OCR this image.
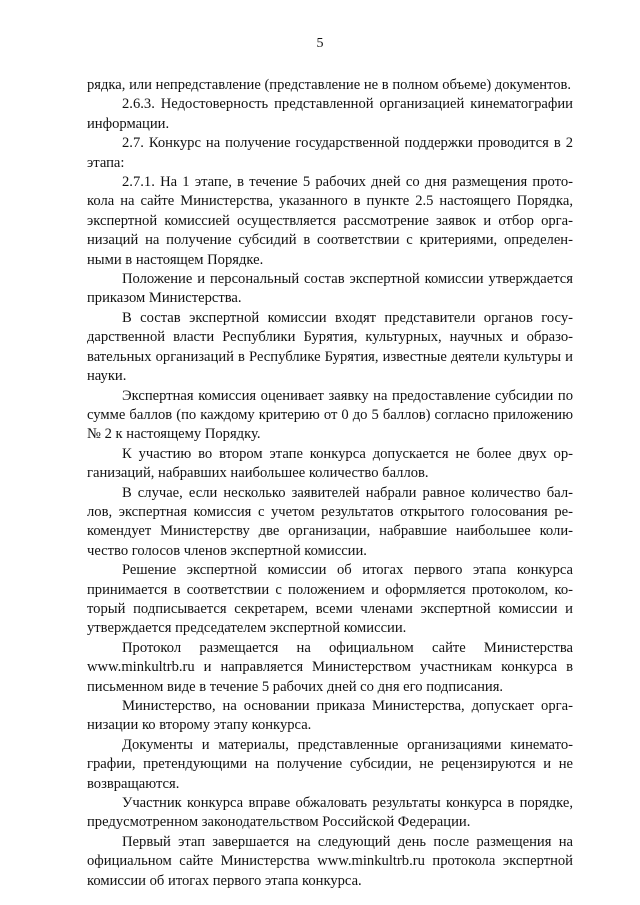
5

рядка, или непредставление (представление не в полном объеме) документов.

2.6.3. Недостоверность представленной организацией кинематографии информации.

2.7. Конкурс на получение государственной поддержки проводится в 2 этапа:

2.7.1. На 1 этапе, в течение 5 рабочих дней со дня размещения протокола на сайте Министерства, указанного в пункте 2.5 настоящего Порядка, экспертной комиссией осуществляется рассмотрение заявок и отбор организаций на получение субсидий в соответствии с критериями, определенными в настоящем Порядке.

Положение и персональный состав экспертной комиссии утверждается приказом Министерства.

В состав экспертной комиссии входят представители органов государственной власти Республики Бурятия, культурных, научных и образовательных организаций в Республике Бурятия, известные деятели культуры и науки.

Экспертная комиссия оценивает заявку на предоставление субсидии по сумме баллов (по каждому критерию от 0 до 5 баллов) согласно приложению № 2 к настоящему Порядку.

К участию во втором этапе конкурса допускается не более двух организаций, набравших наибольшее количество баллов.

В случае, если несколько заявителей набрали равное количество баллов, экспертная комиссия с учетом результатов открытого голосования рекомендует Министерству две организации, набравшие наибольшее количество голосов членов экспертной комиссии.

Решение экспертной комиссии об итогах первого этапа конкурса принимается в соответствии с положением и оформляется протоколом, который подписывается секретарем, всеми членами экспертной комиссии и утверждается председателем экспертной комиссии.

Протокол размещается на официальном сайте Министерства www.minkultrb.ru и направляется Министерством участникам конкурса в письменном виде в течение 5 рабочих дней со дня его подписания.

Министерство, на основании приказа Министерства, допускает организации ко второму этапу конкурса.

Документы и материалы, представленные организациями кинематографии, претендующими на получение субсидии, не рецензируются и не возвращаются.

Участник конкурса вправе обжаловать результаты конкурса в порядке, предусмотренном законодательством Российской Федерации.

Первый этап завершается на следующий день после размещения на официальном сайте Министерства www.minkultrb.ru протокола экспертной комиссии об итогах первого этапа конкурса.
